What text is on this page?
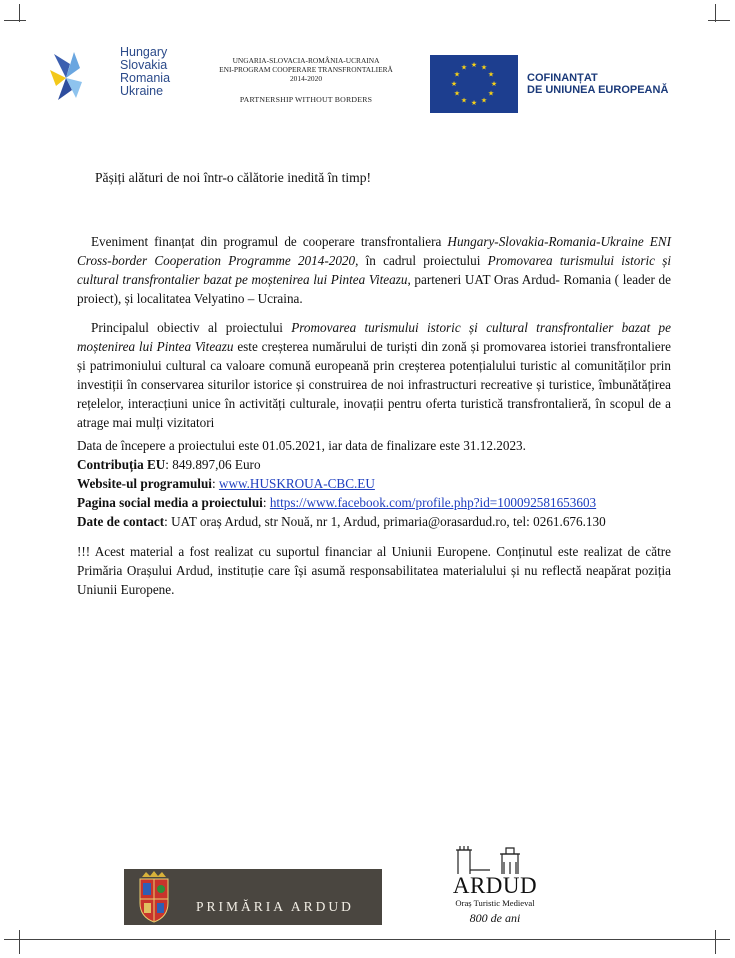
Hungary
Slovakia
Romania
Ukraine
UNGARIA-SLOVACIA-ROMÂNIA-UCRAINA
ENI-PROGRAM COOPERARE TRANSFRONTALIERĂ
2014-2020
PARTNERSHIP WITHOUT BORDERS
★ ★
★
★
★
★
★
★
★
★
★
★
COFINANȚAT
DE UNIUNEA EUROPEANĂ
Pășiți alături de noi într-o călătorie inedită în timp!

Eveniment finanțat din programul de cooperare transfrontaliera Hungary-Slovakia-Romania-Ukraine ENI Cross-border Cooperation Programme 2014-2020, în cadrul proiectului Promovarea turismului istoric și cultural transfrontalier bazat pe moștenirea lui Pintea Viteazu, parteneri UAT Oras Ardud- Romania ( leader de proiect), și localitatea Velyatino – Ucraina.

Principalul obiectiv al proiectului Promovarea turismului istoric și cultural transfrontalier bazat pe moștenirea lui Pintea Viteazu este creșterea numărului de turiști din zonă și promovarea istoriei transfrontaliere și patrimoniului cultural ca valoare comună europeană prin creșterea potențialului turistic al comunităților prin investiții în conservarea siturilor istorice și construirea de noi infrastructuri recreative și turistice, îmbunătățirea rețelelor, interacțiuni unice în activități culturale, inovații pentru oferta turistică transfrontalieră, în scopul de a atrage mai mulți vizitatori

Data de începere a proiectului este 01.05.2021, iar data de finalizare este 31.12.2023.
Contribuția EU: 849.897,06 Euro
Website-ul programului: www.HUSKROUA-CBC.EU
Pagina social media a proiectului: https://www.facebook.com/profile.php?id=100092581653603
Date de contact: UAT oraș Ardud, str Nouă, nr 1, Ardud, primaria@orasardud.ro, tel: 0261.676.130
!!! Acest material a fost realizat cu suportul financiar al Uniunii Europene. Conținutul este realizat de către Primăria Orașului Ardud, instituție care își asumă responsabilitatea materialului și nu reflectă neapărat poziția Uniunii Europene.
PRIMĂRIA ARDUD
ARDUD
Oraș Turistic Medieval
800 de ani
